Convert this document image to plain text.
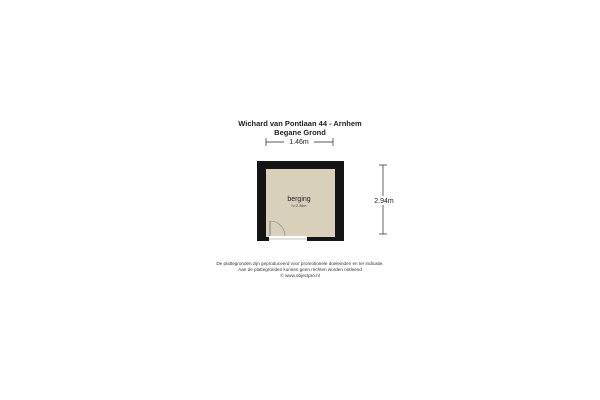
Wichard van Pontlaan 44 - Arnhem
Begane Grond
1.46m
2.94m
berging
h=2.38m
De plattegronden zijn geproduceerd voor promotionele doeleinden en ter indicatie.
Aan de plattegronden kunnen geen rechten worden ontleend
© www.objectpro.nl
